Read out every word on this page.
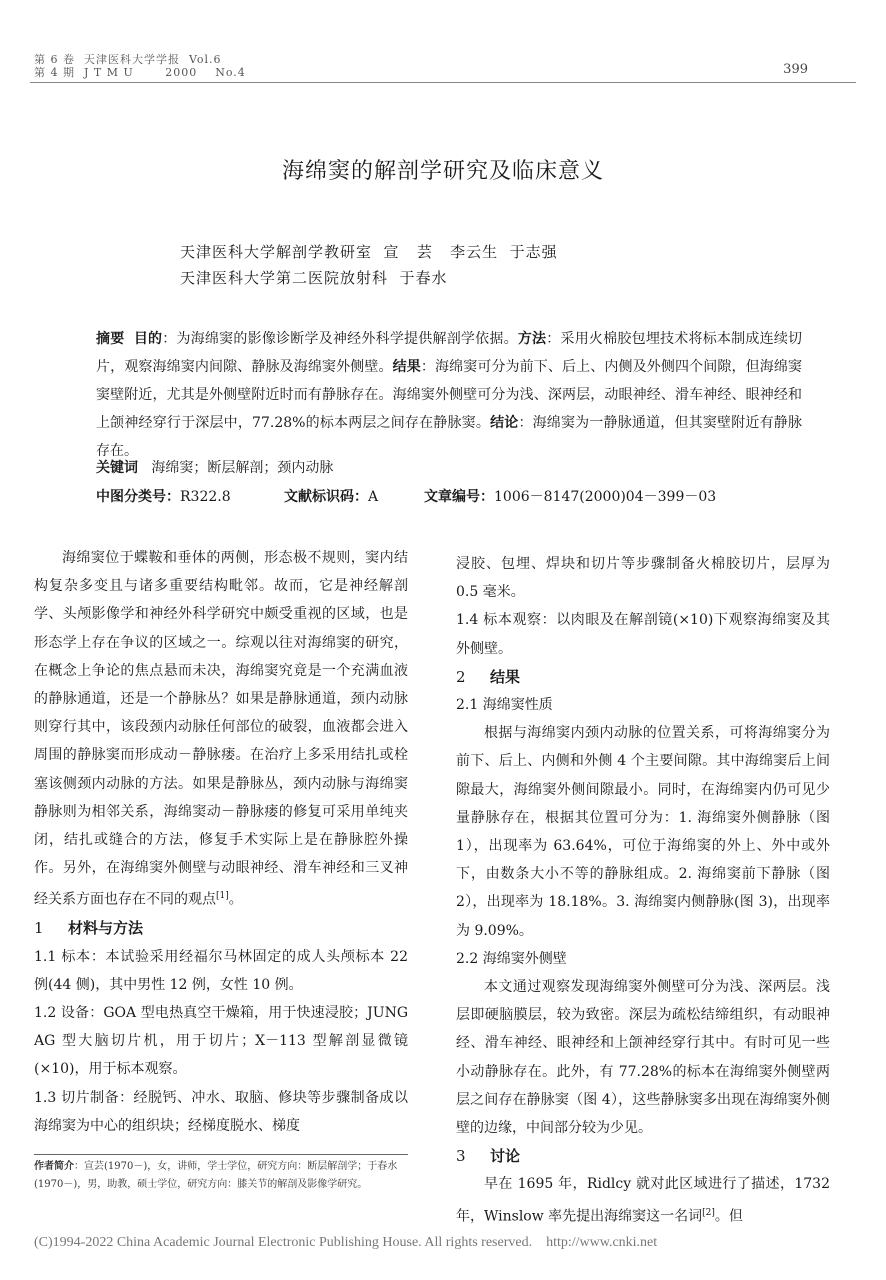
第 6 卷  天津医科大学学报  Vol.6
第 4 期  J T M U       2000    No.4	399
海绵窦的解剖学研究及临床意义
天津医科大学解剖学教研室  宣   芸   李云生  于志强
天津医科大学第二医院放射科  于春水
摘要 目的：为海绵窦的影像诊断学及神经外科学提供解剖学依据。方法：采用火棉胶包埋技术将标本制成连续切片，观察海绵窦内间隙、静脉及海绵窦外侧壁。结果：海绵窦可分为前下、后上、内侧及外侧四个间隙，但海绵窦窦壁附近，尤其是外侧壁附近时而有静脉存在。海绵窦外侧壁可分为浅、深两层，动眼神经、滑车神经、眼神经和上颌神经穿行于深层中，77.28%的标本两层之间存在静脉窦。结论：海绵窦为一静脉通道，但其窦壁附近有静脉存在。
关键词 海绵窦；断层解剖；颈内动脉
中图分类号：R322.8	文献标识码：A	文章编号：1006－8147(2000)04－399－03

海绵窦位于蝶鞍和垂体的两侧，形态极不规则，窦内结构复杂多变且与诸多重要结构毗邻。故而，它是神经解剖学、头颅影像学和神经外科学研究中颇受重视的区域，也是形态学上存在争议的区域之一。综观以往对海绵窦的研究，在概念上争论的焦点悬而未决，海绵窦究竟是一个充满血液的静脉通道，还是一个静脉丛？如果是静脉通道，颈内动脉则穿行其中，该段颈内动脉任何部位的破裂，血液都会进入周围的静脉窦而形成动－静脉瘘。在治疗上多采用结扎或栓塞该侧颈内动脉的方法。如果是静脉丛，颈内动脉与海绵窦静脉则为相邻关系，海绵窦动－静脉瘘的修复可采用单纯夹闭，结扎或缝合的方法，修复手术实际上是在静脉腔外操作。另外，在海绵窦外侧壁与动眼神经、滑车神经和三叉神经关系方面也存在不同的观点[1]。

1 材料与方法

1.1 标本：本试验采用经福尔马林固定的成人头颅标本 22 例(44 侧)，其中男性 12 例，女性 10 例。

1.2 设备：GOA 型电热真空干燥箱，用于快速浸胶；JUNG AG 型大脑切片机，用于切片；X－113 型解剖显微镜(×10)，用于标本观察。

1.3 切片制备：经脱钙、冲水、取脑、修块等步骤制备成以海绵窦为中心的组织块；经梯度脱水、梯度

作者简介：宣芸(1970－)，女，讲师，学士学位，研究方向：断层解剖学；于春水(1970－)，男，助教，硕士学位，研究方向：膝关节的解剖及影像学研究。

浸胶、包埋、焊块和切片等步骤制备火棉胶切片，层厚为 0.5 毫米。

1.4 标本观察：以肉眼及在解剖镜(×10)下观察海绵窦及其外侧壁。

2 结果

2.1 海绵窦性质

根据与海绵窦内颈内动脉的位置关系，可将海绵窦分为前下、后上、内侧和外侧 4 个主要间隙。其中海绵窦后上间隙最大，海绵窦外侧间隙最小。同时，在海绵窦内仍可见少量静脉存在，根据其位置可分为：1. 海绵窦外侧静脉（图 1），出现率为 63.64%，可位于海绵窦的外上、外中或外下，由数条大小不等的静脉组成。2. 海绵窦前下静脉（图 2），出现率为 18.18%。3. 海绵窦内侧静脉(图 3)，出现率为 9.09%。

2.2 海绵窦外侧壁

本文通过观察发现海绵窦外侧壁可分为浅、深两层。浅层即硬脑膜层，较为致密。深层为疏松结缔组织，有动眼神经、滑车神经、眼神经和上颌神经穿行其中。有时可见一些小动静脉存在。此外，有 77.28%的标本在海绵窦外侧壁两层之间存在静脉窦（图 4），这些静脉窦多出现在海绵窦外侧壁的边缘，中间部分较为少见。

3 讨论

早在 1695 年，Ridlcy 就对此区域进行了描述，1732 年，Winslow 率先提出海绵窦这一名词[2]。但

(C)1994-2022 China Academic Journal Electronic Publishing House. All rights reserved.    http://www.cnki.net
